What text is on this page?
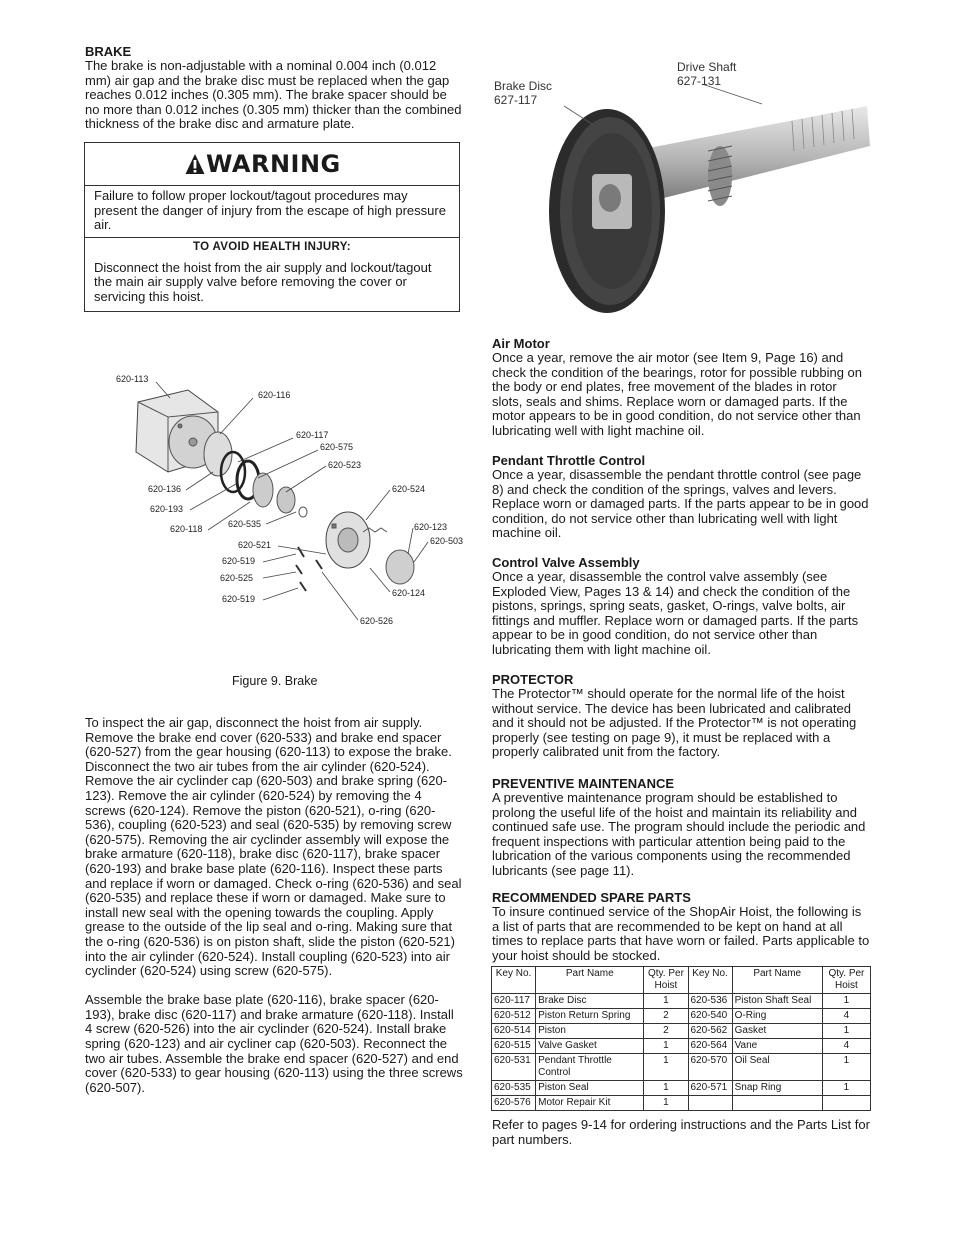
BRAKE

The brake is non-adjustable with a nominal 0.004 inch (0.012 mm) air gap and the brake disc must be replaced when the gap reaches 0.012 inches (0.305 mm). The brake spacer should be no more than 0.012 inches (0.305 mm) thicker than the combined thickness of the brake disc and armature plate.

WARNING

Failure to follow proper lockout/tagout procedures may present the danger of injury from the escape of high pressure air.

TO AVOID HEALTH INJURY:

Disconnect the hoist from the air supply and lockout/tagout the main air supply valve before removing the cover or servicing this hoist.

620-113
620-116
620-117
620-575
620-523
620-524
620-136
620-193
620-118	620-535	620-123
620-503
620-521
620-519
620-525
620-519
620-124
620-526
Figure 9. Brake

To inspect the air gap, disconnect the hoist from air supply. Remove the brake end cover (620-533) and brake end spacer (620-527) from the gear housing (620-113) to expose the brake. Disconnect the two air tubes from the air cylinder (620-524). Remove the air cyclinder cap (620-503) and brake spring (620-123). Remove the air cylinder (620-524) by removing the 4 screws (620-124). Remove the piston (620-521), o-ring (620-536), coupling (620-523) and seal (620-535) by removing screw (620-575). Removing the air cyclinder assembly will expose the brake armature (620-118), brake disc (620-117), brake spacer (620-193) and brake base plate (620-116). Inspect these parts and replace if worn or damaged. Check o-ring (620-536) and seal (620-535) and replace these if worn or damaged. Make sure to install new seal with the opening towards the coupling. Apply grease to the outside of the lip seal and o-ring. Making sure that the o-ring (620-536) is on piston shaft, slide the piston (620-521) into the air cylinder (620-524). Install coupling (620-523) into air cyclinder (620-524) using screw (620-575).

Assemble the brake base plate (620-116), brake spacer (620-193), brake disc (620-117) and brake armature (620-118). Install 4 screw (620-526) into the air cyclinder (620-524). Install brake spring (620-123) and air cycliner cap (620-503). Reconnect the two air tubes. Assemble the brake end spacer (620-527) and end cover (620-533) to gear housing (620-113) using the three screws (620-507).

Brake Disc
627-117
Drive Shaft
627-131
Air Motor

Once a year, remove the air motor (see Item 9, Page 16) and check the condition of the bearings, rotor for possible rubbing on the body or end plates, free movement of the blades in rotor slots, seals and shims. Replace worn or damaged parts. If the motor appears to be in good condition, do not service other than lubricating well with light machine oil.

Pendant Throttle Control

Once a year, disassemble the pendant throttle control (see page 8) and check the condition of the springs, valves and levers. Replace worn or damaged parts. If the parts appear to be in good condition, do not service other than lubricating well with light machine oil.

Control Valve Assembly

Once a year, disassemble the control valve assembly (see Exploded View, Pages 13 & 14) and check the condition of the pistons, springs, spring seats, gasket, O-rings, valve bolts, air fittings and muffler. Replace worn or damaged parts. If the parts appear to be in good condition, do not service other than lubricating them with light machine oil.

PROTECTOR

The Protector™ should operate for the normal life of the hoist without service. The device has been lubricated and calibrated and it should not be adjusted. If the Protector™ is not operating properly (see testing on page 9), it must be replaced with a properly calibrated unit from the factory.

PREVENTIVE MAINTENANCE

A preventive maintenance program should be established to prolong the useful life of the hoist and maintain its reliability and continued safe use. The program should include the periodic and frequent inspections with particular attention being paid to the lubrication of the various components using the recommended lubricants (see page 11).

RECOMMENDED SPARE PARTS

To insure continued service of the ShopAir Hoist, the following is a list of parts that are recommended to be kept on hand at all times to replace parts that have worn or failed. Parts applicable to your hoist should be stocked.

Key No.	Part Name	Qty. Per Hoist	Key No.	Part Name	Qty. Per Hoist
620-117	Brake Disc	1	620-536	Piston Shaft Seal	1
620-512	Piston Return Spring	2	620-540	O-Ring	4
620-514	Piston	2	620-562	Gasket	1
620-515	Valve Gasket	1	620-564	Vane	4
620-531	Pendant Throttle Control	1	620-570	Oil Seal	1
620-535	Piston Seal	1	620-571	Snap Ring	1
620-576	Motor Repair Kit	1			

Refer to pages 9-14 for ordering instructions and the Parts List for part numbers.
